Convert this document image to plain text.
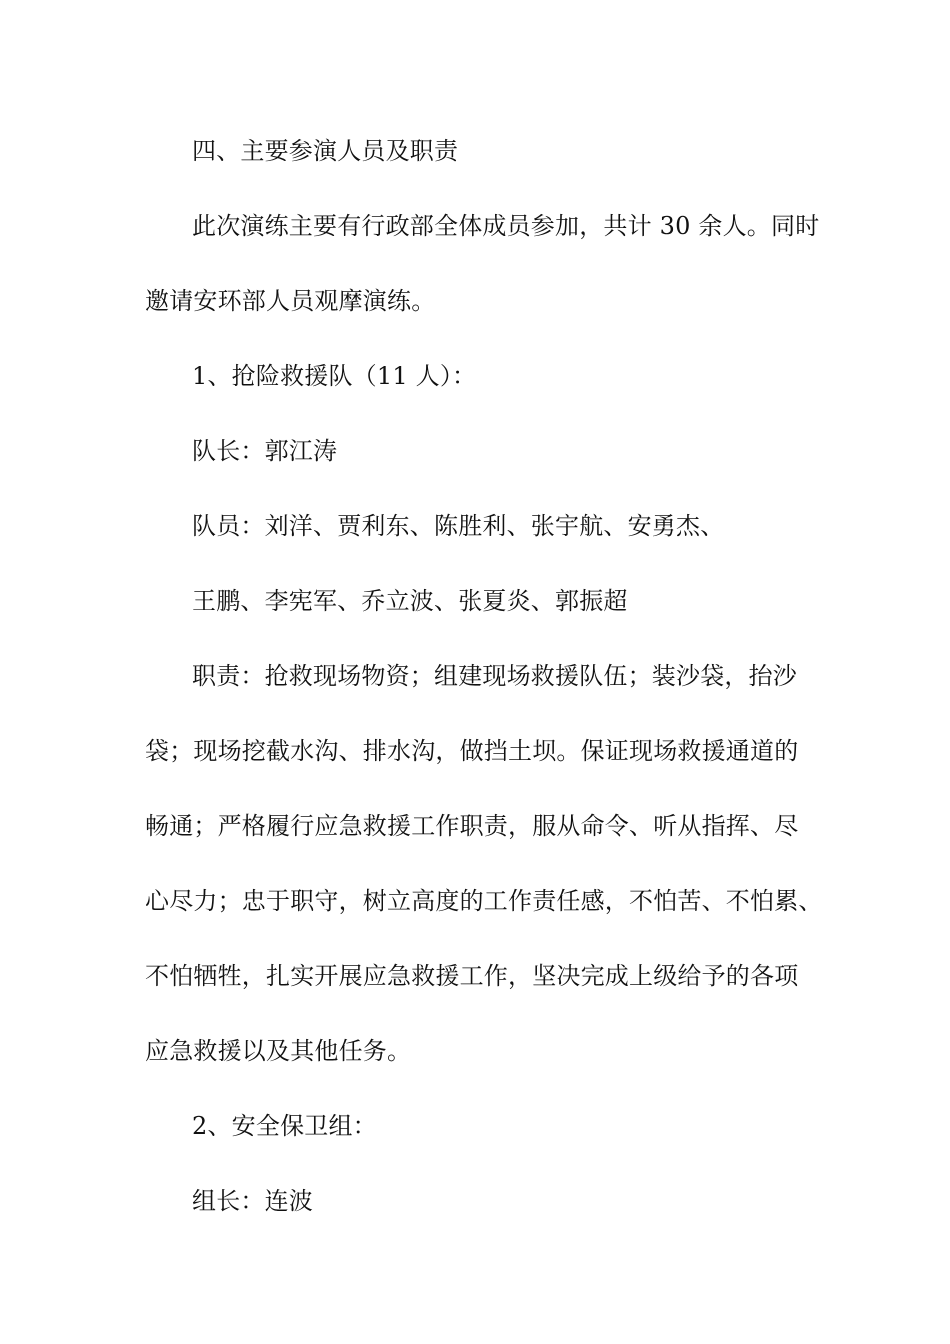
四、主要参演人员及职责
此次演练主要有行政部全体成员参加，共计 30 余人。同时
邀请安环部人员观摩演练。
1、抢险救援队（11 人）：
队长：郭江涛
队员：刘洋、贾利东、陈胜利、张宇航、安勇杰、
王鹏、李宪军、乔立波、张夏炎、郭振超
职责：抢救现场物资；组建现场救援队伍；装沙袋，抬沙
袋；现场挖截水沟、排水沟，做挡土坝。保证现场救援通道的
畅通；严格履行应急救援工作职责，服从命令、听从指挥、尽
心尽力；忠于职守，树立高度的工作责任感，不怕苦、不怕累、
不怕牺牲，扎实开展应急救援工作，坚决完成上级给予的各项
应急救援以及其他任务。
2、安全保卫组：
组长：连波
